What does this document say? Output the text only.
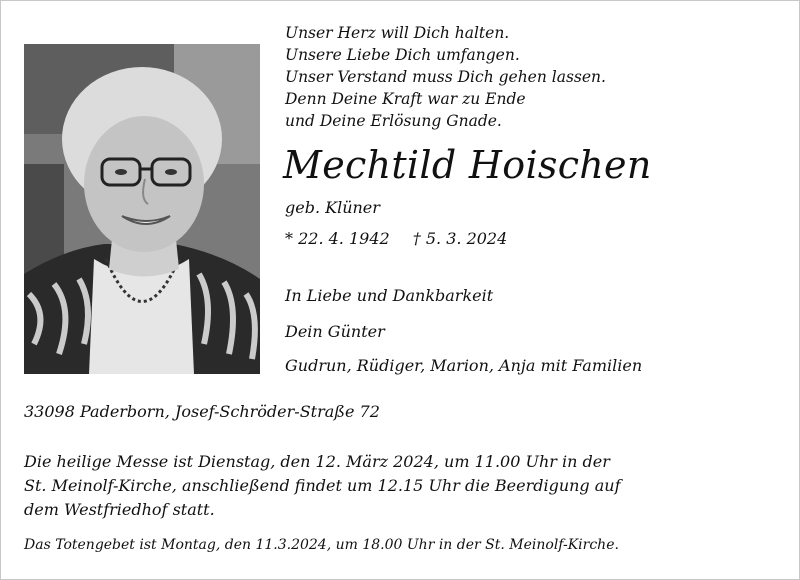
Unser Herz will Dich halten.
Unsere Liebe Dich umfangen.
Unser Verstand muss Dich gehen lassen.
Denn Deine Kraft war zu Ende
und Deine Erlösung Gnade.

Mechtild Hoischen
geb. Klüner
* 22. 4. 1942 † 5. 3. 2024
In Liebe und Dankbarkeit
Dein Günter
Gudrun, Rüdiger, Marion, Anja mit Familien
33098 Paderborn, Josef-Schröder-Straße 72
Die heilige Messe ist Dienstag, den 12. März 2024, um 11.00 Uhr in der
St. Meinolf-Kirche, anschließend findet um 12.15 Uhr die Beerdigung auf
dem Westfriedhof statt.
Das Totengebet ist Montag, den 11.3.2024, um 18.00 Uhr in der St. Meinolf-Kirche.
